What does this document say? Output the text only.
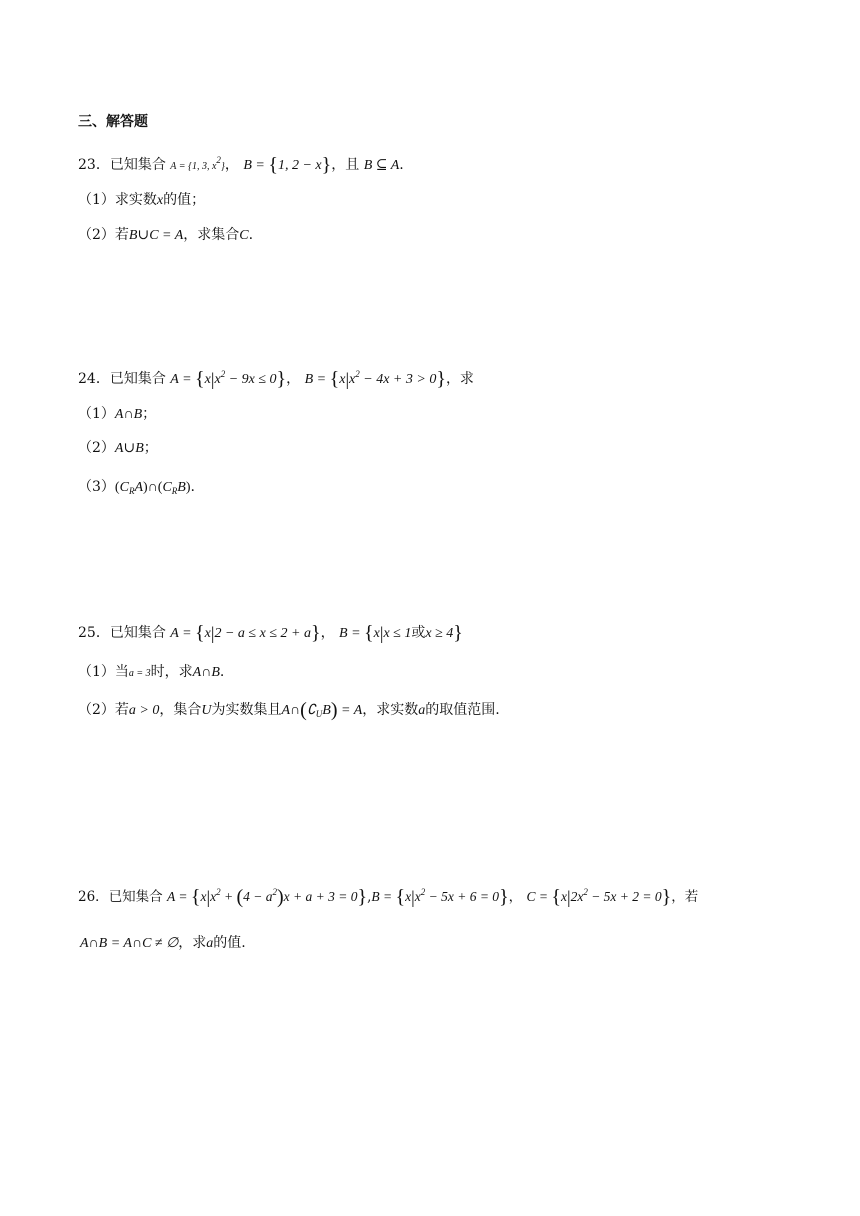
三、解答题
23．已知集合 A = {1, 3, x2}， B = {1, 2 − x}，且 B ⊆ A.
（1）求实数x的值；
（2）若B∪C = A，求集合C.
24．已知集合 $A = \{x|x^2 - 9x \le 0\}$， $B = \{x|x^2 - 4x + 3 > 0\}$，求
（1）A∩B；
（2）A∪B；
$(3)(C_RA)\cap(C_RB)$.
25．已知集合 A = {x|2 − a ≤ x ≤ 2 + a}， B = {x|x ≤ 1或x ≥ 4}
（1）当a = 3时，求A∩B.
（2）若a > 0，集合U为实数集且$A\cap(∁_UB) = A$，求实数a的取值范围.
26．已知集合 $A = \{x|x^2 + (4 - a^2)x + a + 3 = 0\},B = \{x|x^2 - 5x + 6 = 0\}$， $C = \{x|2x^2 - 5x + 2 = 0\}$，若
A∩B = A∩C ≠ ∅，求a的值.
